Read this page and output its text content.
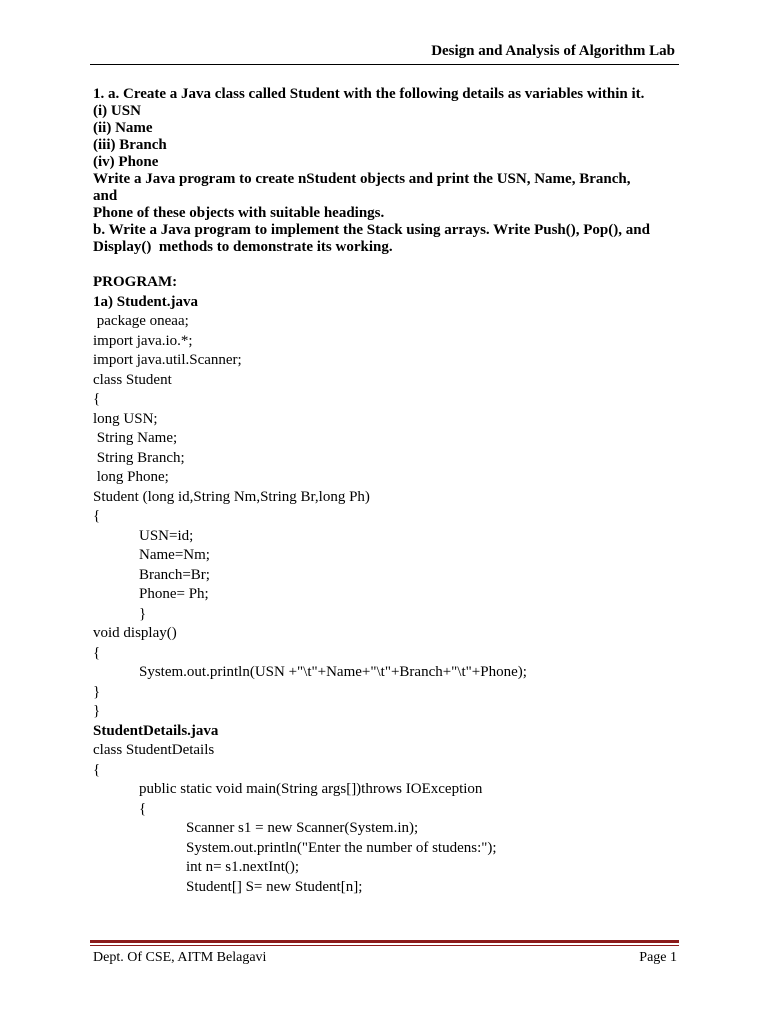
Design and Analysis of Algorithm Lab
1. a. Create a Java class called Student with the following details as variables within it.
(i) USN
(ii) Name
(iii) Branch
(iv) Phone
Write a Java program to create nStudent objects and print the USN, Name, Branch,
and
Phone of these objects with suitable headings.
b. Write a Java program to implement the Stack using arrays. Write Push(), Pop(), and
Display()  methods to demonstrate its working.
PROGRAM:
1a) Student.java
package oneaa;
import java.io.*;
import java.util.Scanner;
class Student
{
long USN;
String Name;
String Branch;
long Phone;
Student (long id,String Nm,String Br,long Ph)
{
USN=id;
Name=Nm;
Branch=Br;
Phone= Ph;
}
void display()
{
System.out.println(USN +"\t"+Name+"\t"+Branch+"\t"+Phone);
}
}
StudentDetails.java
class StudentDetails
{
public static void main(String args[])throws IOException
{
Scanner s1 = new Scanner(System.in);
System.out.println("Enter the number of studens:");
int n= s1.nextInt();
Student[] S= new Student[n];
Dept. Of CSE, AITM Belagavi	Page 1
